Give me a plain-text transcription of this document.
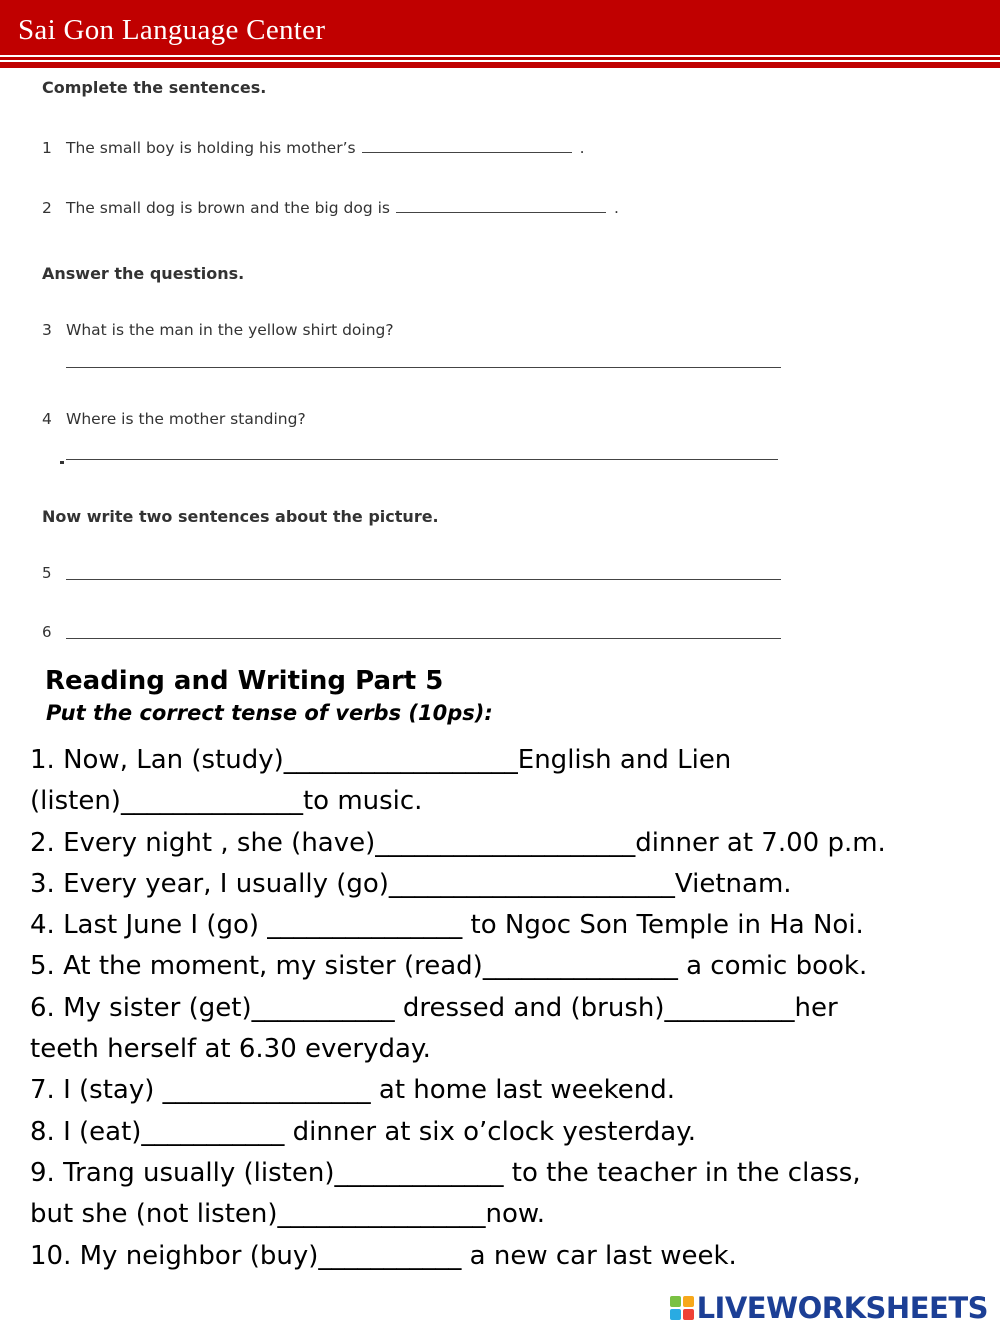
Sai Gon Language Center
Complete the sentences.
1 The small boy is holding his mother’s	.
2 The small dog is brown and the big dog is	.
Answer the questions.
3 What is the man in the yellow shirt doing?
4 Where is the mother standing?
Now write two sentences about the picture.
5
6
Reading and Writing Part 5
Put the correct tense of verbs (10ps):
1. Now, Lan (study)__________________English and Lien
(listen)______________to music.
2. Every night , she (have)____________________dinner at 7.00 p.m.
3. Every year, I usually (go)______________________Vietnam.
4. Last June I (go) _______________ to Ngoc Son Temple in Ha Noi.
5. At the moment, my sister (read)_______________ a comic book.
6. My sister (get)___________ dressed and (brush)__________her
teeth herself at 6.30 everyday.
7. I (stay) ________________ at home last weekend.
8. I (eat)___________ dinner at six o’clock yesterday.
9. Trang usually (listen)_____________ to the teacher in the class,
but she (not listen)________________now.
10. My neighbor (buy)___________ a new car last week.
LIVEWORKSHEETS
